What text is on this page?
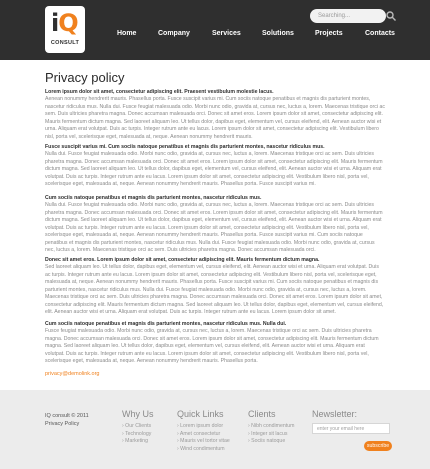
iQ
CONSULT
Searching...
Home	Company	Services	Solutions	Projects	Contacts
Privacy policy
Lorem ipsum dolor sit amet, consectetur adipiscing elit. Praesent vestibulum molestie lacus.
Aenean nonummy hendrerit mauris. Phasellus porta. Fusce suscipit varius mi. Cum sociis natoque penatibus et magnis dis parturient montes, nascetur ridiculus mus. Nulla dui. Fusce feugiat malesuada odio. Morbi nunc odio, gravida at, cursus nec, luctus a, lorem. Maecenas tristique orci ac sem. Duis ultricies pharetra magna. Donec accumsan malesuada orci. Donec sit amet eros. Lorem ipsum dolor sit amet, consectetur adipiscing elit. Mauris fermentum dictum magna. Sed laoreet aliquam leo. Ut tellus dolor, dapibus eget, elementum vel, cursus eleifend, elit. Aenean auctor wisi et urna. Aliquam erat volutpat. Duis ac turpis. Integer rutrum ante eu lacus. Lorem ipsum dolor sit amet, consectetur adipiscing elit. Vestibulum libero nisl, porta vel, scelerisque eget, malesuada at, neque. Aenean nonummy hendrerit mauris.
Fusce suscipit varius mi. Cum sociis natoque penatibus et magnis dis parturient montes, nascetur ridiculus mus.
Nulla dui. Fusce feugiat malesuada odio. Morbi nunc odio, gravida at, cursus nec, luctus a, lorem. Maecenas tristique orci ac sem. Duis ultricies pharetra magna. Donec accumsan malesuada orci. Donec sit amet eros. Lorem ipsum dolor sit amet, consectetur adipiscing elit. Mauris fermentum dictum magna. Sed laoreet aliquam leo. Ut tellus dolor, dapibus eget, elementum vel, cursus eleifend, elit. Aenean auctor wisi et urna. Aliquam erat volutpat. Duis ac turpis. Integer rutrum ante eu lacus. Lorem ipsum dolor sit amet, consectetur adipiscing elit. Vestibulum libero nisl, porta vel, scelerisque eget, malesuada at, neque. Aenean nonummy hendrerit mauris. Phasellus porta. Fusce suscipit varius mi.
Cum sociis natoque penatibus et magnis dis parturient montes, nascetur ridiculus mus.
Nulla dui. Fusce feugiat malesuada odio. Morbi nunc odio, gravida at, cursus nec, luctus a, lorem. Maecenas tristique orci ac sem. Duis ultricies pharetra magna. Donec accumsan malesuada orci. Donec sit amet eros. Lorem ipsum dolor sit amet, consectetur adipiscing elit. Mauris fermentum dictum magna. Sed laoreet aliquam leo. Ut tellus dolor, dapibus eget, elementum vel, cursus eleifend, elit. Aenean auctor wisi et urna. Aliquam erat volutpat. Duis ac turpis. Integer rutrum ante eu lacus. Lorem ipsum dolor sit amet, consectetur adipiscing elit. Vestibulum libero nisl, porta vel, scelerisque eget, malesuada at, neque. Aenean nonummy hendrerit mauris. Phasellus porta. Fusce suscipit varius mi. Cum sociis natoque penatibus et magnis dis parturient montes, nascetur ridiculus mus. Nulla dui. Fusce feugiat malesuada odio. Morbi nunc odio, gravida at, cursus nec, luctus a, lorem. Maecenas tristique orci ac sem. Duis ultricies pharetra magna. Donec accumsan malesuada orci.
Donec sit amet eros. Lorem ipsum dolor sit amet, consectetur adipiscing elit. Mauris fermentum dictum magna.
Sed laoreet aliquam leo. Ut tellus dolor, dapibus eget, elementum vel, cursus eleifend, elit. Aenean auctor wisi et urna. Aliquam erat volutpat. Duis ac turpis. Integer rutrum ante eu lacus. Lorem ipsum dolor sit amet, consectetur adipiscing elit. Vestibulum libero nisl, porta vel, scelerisque eget, malesuada at, neque. Aenean nonummy hendrerit mauris. Phasellus porta. Fusce suscipit varius mi. Cum sociis natoque penatibus et magnis dis parturient montes, nascetur ridiculus mus. Nulla dui. Fusce feugiat malesuada odio. Morbi nunc odio, gravida at, cursus nec, luctus a, lorem. Maecenas tristique orci ac sem. Duis ultricies pharetra magna. Donec accumsan malesuada orci. Donec sit amet eros. Lorem ipsum dolor sit amet, consectetur adipiscing elit. Mauris fermentum dictum magna. Sed laoreet aliquam leo. Ut tellus dolor, dapibus eget, elementum vel, cursus eleifend, elit. Aenean auctor wisi et urna. Aliquam erat volutpat. Duis ac turpis. Integer rutrum ante eu lacus. Lorem ipsum dolor sit amet.
Cum sociis natoque penatibus et magnis dis parturient montes, nascetur ridiculus mus. Nulla dui.
Fusce feugiat malesuada odio. Morbi nunc odio, gravida at, cursus nec, luctus a, lorem. Maecenas tristique orci ac sem. Duis ultricies pharetra magna. Donec accumsan malesuada orci. Donec sit amet eros. Lorem ipsum dolor sit amet, consectetur adipiscing elit. Mauris fermentum dictum magna. Sed laoreet aliquam leo. Ut tellus dolor, dapibus eget, elementum vel, cursus eleifend, elit. Aenean auctor wisi et urna. Aliquam erat volutpat. Duis ac turpis. Integer rutrum ante eu lacus. Lorem ipsum dolor sit amet, consectetur adipiscing elit. Vestibulum libero nisl, porta vel, scelerisque eget, malesuada at, neque. Aenean nonummy hendrerit mauris. Phasellus porta.
privacy@demolink.org
IQ consult © 2011
Privacy Policy
Why Us
› Our Clients
› Technology
› Marketing
Quick Links
› Lorem ipsum dolor
› Amet consectetur
› Mauris vel tortor vitae
› Wind condimentum
Clients
› Nibh condimentum
› Integer sit lacus
› Sociis natoque
Newsletter:
enter your email here
subscribe
